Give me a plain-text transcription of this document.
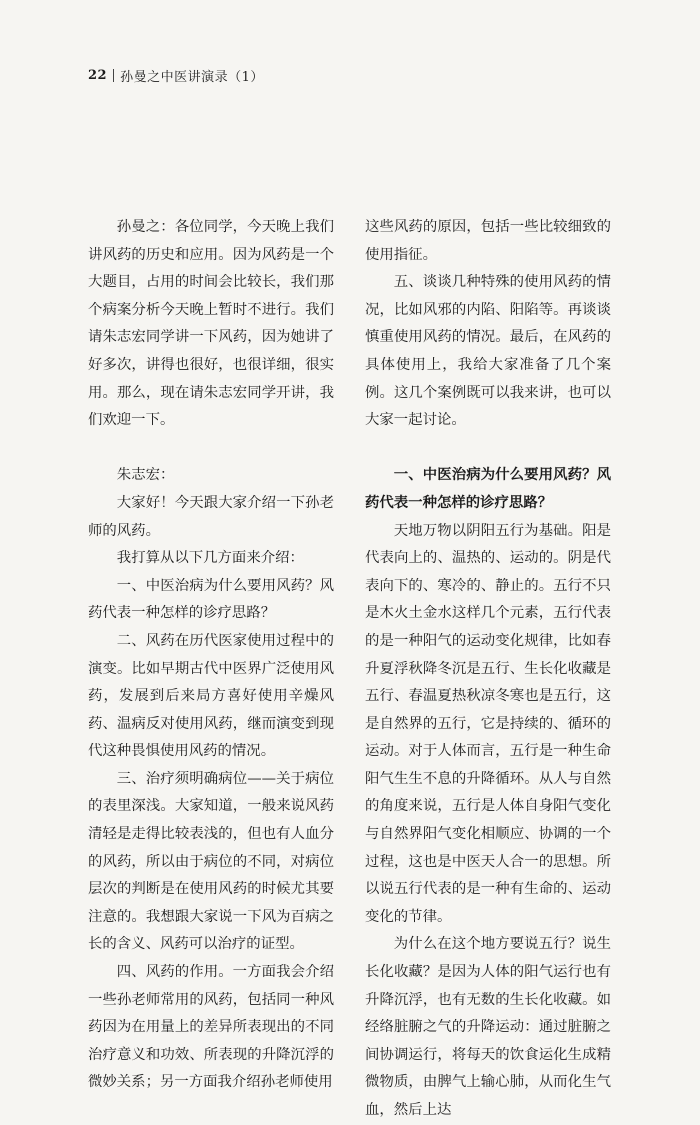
22 孙曼之中医讲演录（1）

孙曼之：各位同学，今天晚上我们讲风药的历史和应用。因为风药是一个大题目，占用的时间会比较长，我们那个病案分析今天晚上暂时不进行。我们请朱志宏同学讲一下风药，因为她讲了好多次，讲得也很好，也很详细，很实用。那么，现在请朱志宏同学开讲，我们欢迎一下。

朱志宏：

大家好！今天跟大家介绍一下孙老师的风药。

我打算从以下几方面来介绍：

一、中医治病为什么要用风药？风药代表一种怎样的诊疗思路？

二、风药在历代医家使用过程中的演变。比如早期古代中医界广泛使用风药，发展到后来局方喜好使用辛燥风药、温病反对使用风药，继而演变到现代这种畏惧使用风药的情况。

三、治疗须明确病位——关于病位的表里深浅。大家知道，一般来说风药清轻是走得比较表浅的，但也有人血分的风药，所以由于病位的不同，对病位层次的判断是在使用风药的时候尤其要注意的。我想跟大家说一下风为百病之长的含义、风药可以治疗的证型。

四、风药的作用。一方面我会介绍一些孙老师常用的风药，包括同一种风药因为在用量上的差异所表现出的不同治疗意义和功效、所表现的升降沉浮的微妙关系；另一方面我介绍孙老师使用

这些风药的原因，包括一些比较细致的使用指征。

五、谈谈几种特殊的使用风药的情况，比如风邪的内陷、阳陷等。再谈谈慎重使用风药的情况。最后，在风药的具体使用上，我给大家准备了几个案例。这几个案例既可以我来讲，也可以大家一起讨论。

一、中医治病为什么要用风药？风药代表一种怎样的诊疗思路？

天地万物以阴阳五行为基础。阳是代表向上的、温热的、运动的。阴是代表向下的、寒冷的、静止的。五行不只是木火土金水这样几个元素，五行代表的是一种阳气的运动变化规律，比如春升夏浮秋降冬沉是五行、生长化收藏是五行、春温夏热秋凉冬寒也是五行，这是自然界的五行，它是持续的、循环的运动。对于人体而言，五行是一种生命阳气生生不息的升降循环。从人与自然的角度来说，五行是人体自身阳气变化与自然界阳气变化相顺应、协调的一个过程，这也是中医天人合一的思想。所以说五行代表的是一种有生命的、运动变化的节律。

为什么在这个地方要说五行？说生长化收藏？是因为人体的阳气运行也有升降沉浮，也有无数的生长化收藏。如经络脏腑之气的升降运动：通过脏腑之间协调运行，将每天的饮食运化生成精微物质，由脾气上输心肺，从而化生气血，然后上达
